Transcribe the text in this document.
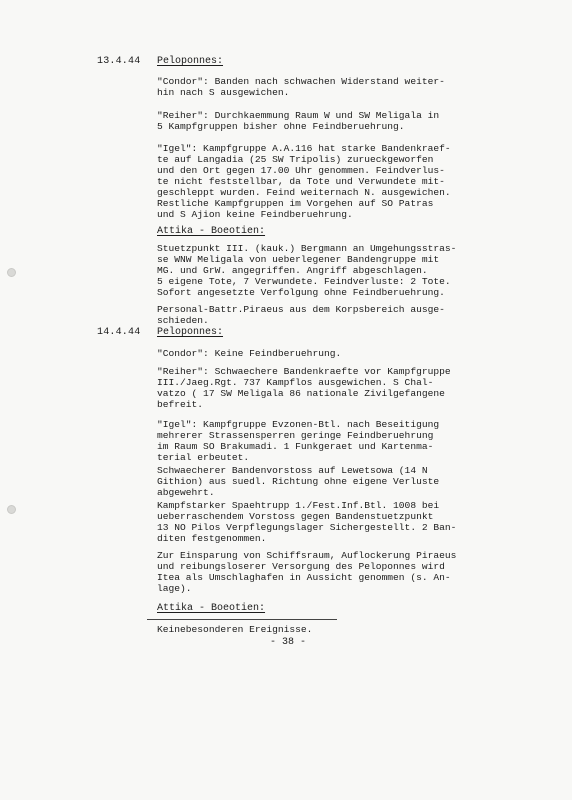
13.4.44 Peloponnes:
"Condor": Banden nach schwachen Widerstand weiter-
hin nach S ausgewichen.
"Reiher": Durchkaemmung Raum W und SW Meligala in
5 Kampfgruppen bisher ohne Feindberuehrung.
"Igel": Kampfgruppe A.A.116 hat starke Bandenkraef-
te auf Langadia (25 SW Tripolis) zurueckgeworfen
und den Ort gegen 17.00 Uhr genommen. Feindverlus-
te nicht feststellbar, da Tote und Verwundete mit-
geschleppt wurden. Feind weiternach N. ausgewichen.
Restliche Kampfgruppen im Vorgehen auf SO Patras
und S Ajion keine Feindberuehrung.
Attika - Boeotien:
Stuetzpunkt III. (kauk.) Bergmann an Umgehungsstras-
se WNW Meligala von ueberlegener Bandengruppe mit
MG. und GrW. angegriffen. Angriff abgeschlagen.
5 eigene Tote, 7 Verwundete. Feindverluste: 2 Tote.
Sofort angesetzte Verfolgung ohne Feindberuehrung.
Personal-Battr.Piraeus aus dem Korpsbereich ausge-
schieden.
14.4.44 Peloponnes:
"Condor": Keine Feindberuehrung.
"Reiher": Schwaechere Bandenkraefte vor Kampfgruppe
III./Jaeg.Rgt. 737 Kampflos ausgewichen. S Chal-
vatzo ( 17 SW Meligala 86 nationale Zivilgefangene
befreit.
"Igel": Kampfgruppe Evzonen-Btl. nach Beseitigung
mehrerer Strassensperren geringe Feindberuehrung
im Raum SO Brakumadi. 1 Funkgeraet und Kartenma-
terial erbeutet.
Schwaecherer Bandenvorstoss auf Lewetsowa (14 N
Githion) aus suedl. Richtung ohne eigene Verluste
abgewehrt.
Kampfstarker Spaehtrupp 1./Fest.Inf.Btl. 1008 bei
ueberraschendem Vorstoss gegen Bandenstuetzpunkt
13 NO Pilos Verpflegungslager Sichergestellt. 2 Ban-
diten festgenommen.
Zur Einsparung von Schiffsraum, Auflockerung Piraeus
und reibungsloserer Versorgung des Peloponnes wird
Itea als Umschlaghafen in Aussicht genommen (s. An-
lage).
Attika - Boeotien:
Keinebesonderen Ereignisse.
- 38 -
